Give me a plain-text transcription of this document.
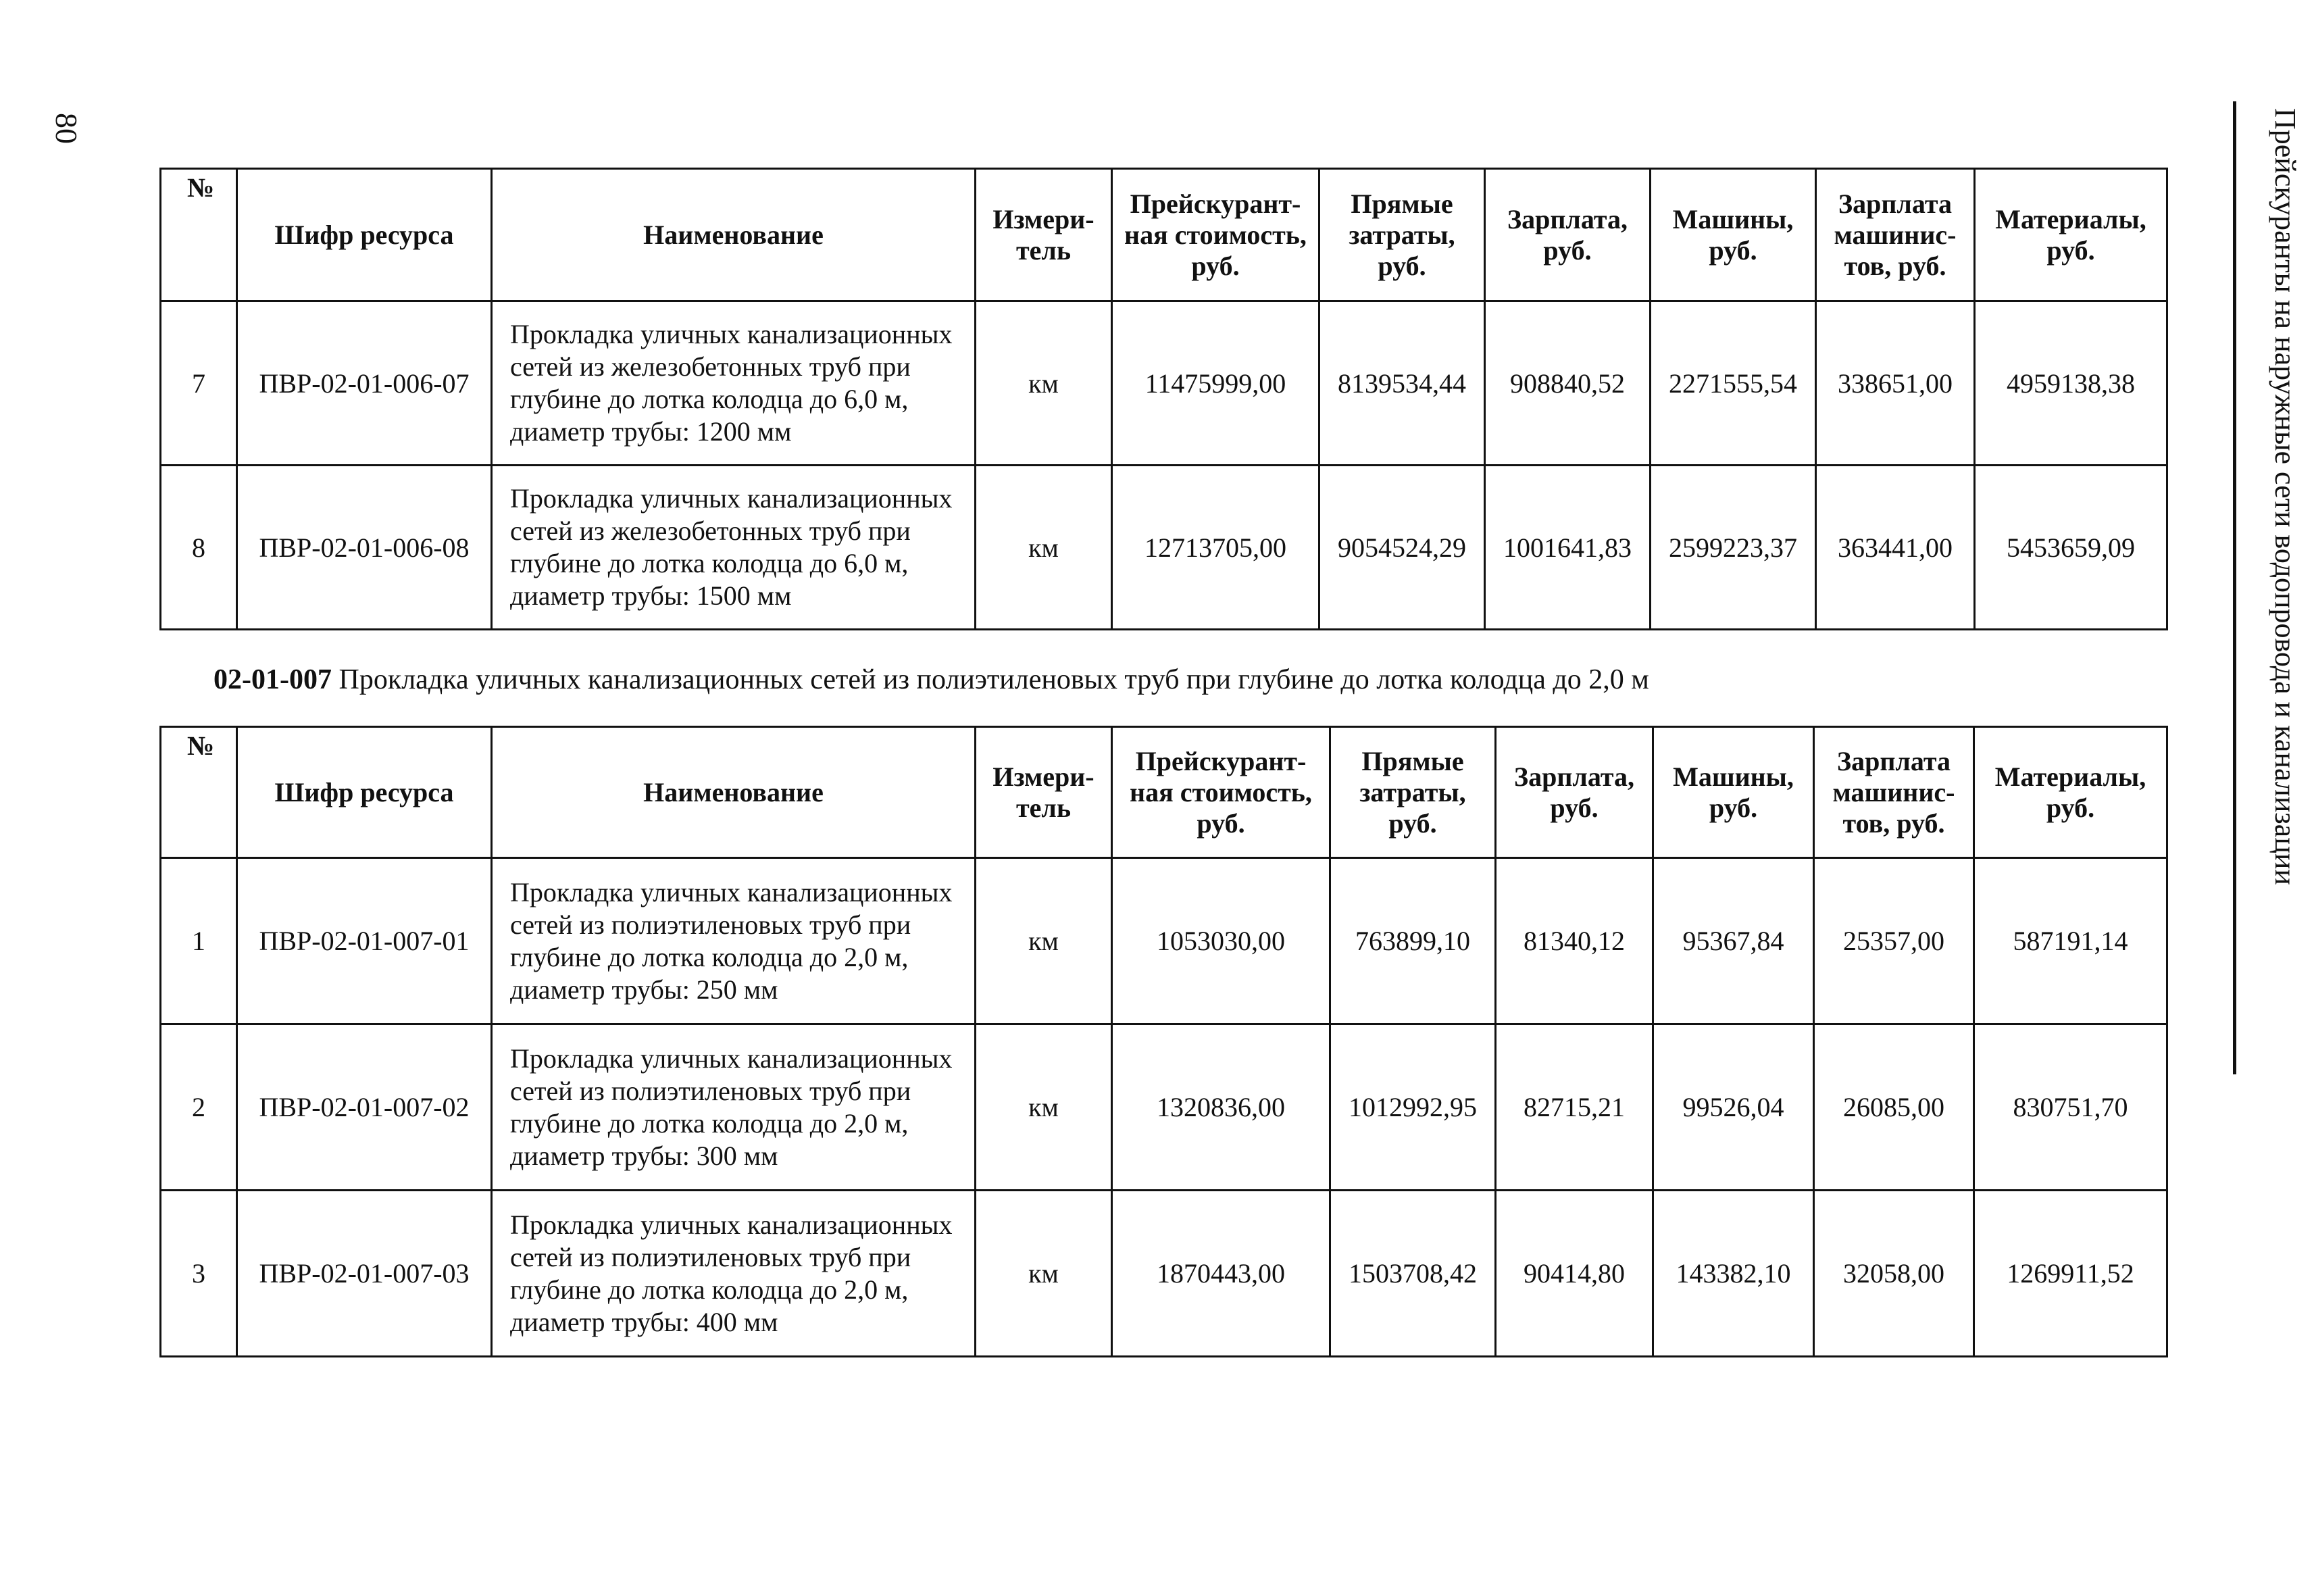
80	Прейскуранты на наружные сети водопровода и канализации
№	Шифр ресурса	Наименование	Измери-тель	Прейскурант-ная стоимость, руб.	Прямые затраты, руб.	Зарплата, руб.	Машины, руб.	Зарплата машинис-тов, руб.	Материалы, руб.
7	ПВР-02-01-006-07	Прокладка уличных канализационных сетей из железобетонных труб при глубине до лотка колодца до 6,0 м, диаметр трубы: 1200 мм	км	11475999,00	8139534,44	908840,52	2271555,54	338651,00	4959138,38
8	ПВР-02-01-006-08	Прокладка уличных канализационных сетей из железобетонных труб при глубине до лотка колодца до 6,0 м, диаметр трубы: 1500 мм	км	12713705,00	9054524,29	1001641,83	2599223,37	363441,00	5453659,09
02-01-007 Прокладка уличных канализационных сетей из полиэтиленовых труб при глубине до лотка колодца до 2,0 м
№	Шифр ресурса	Наименование	Измери-тель	Прейскурант-ная стоимость, руб.	Прямые затраты, руб.	Зарплата, руб.	Машины, руб.	Зарплата машинис-тов, руб.	Материалы, руб.
1	ПВР-02-01-007-01	Прокладка уличных канализационных сетей из полиэтиленовых труб при глубине до лотка колодца до 2,0 м, диаметр трубы: 250 мм	км	1053030,00	763899,10	81340,12	95367,84	25357,00	587191,14
2	ПВР-02-01-007-02	Прокладка уличных канализационных сетей из полиэтиленовых труб при глубине до лотка колодца до 2,0 м, диаметр трубы: 300 мм	км	1320836,00	1012992,95	82715,21	99526,04	26085,00	830751,70
3	ПВР-02-01-007-03	Прокладка уличных канализационных сетей из полиэтиленовых труб при глубине до лотка колодца до 2,0 м, диаметр трубы: 400 мм	км	1870443,00	1503708,42	90414,80	143382,10	32058,00	1269911,52
